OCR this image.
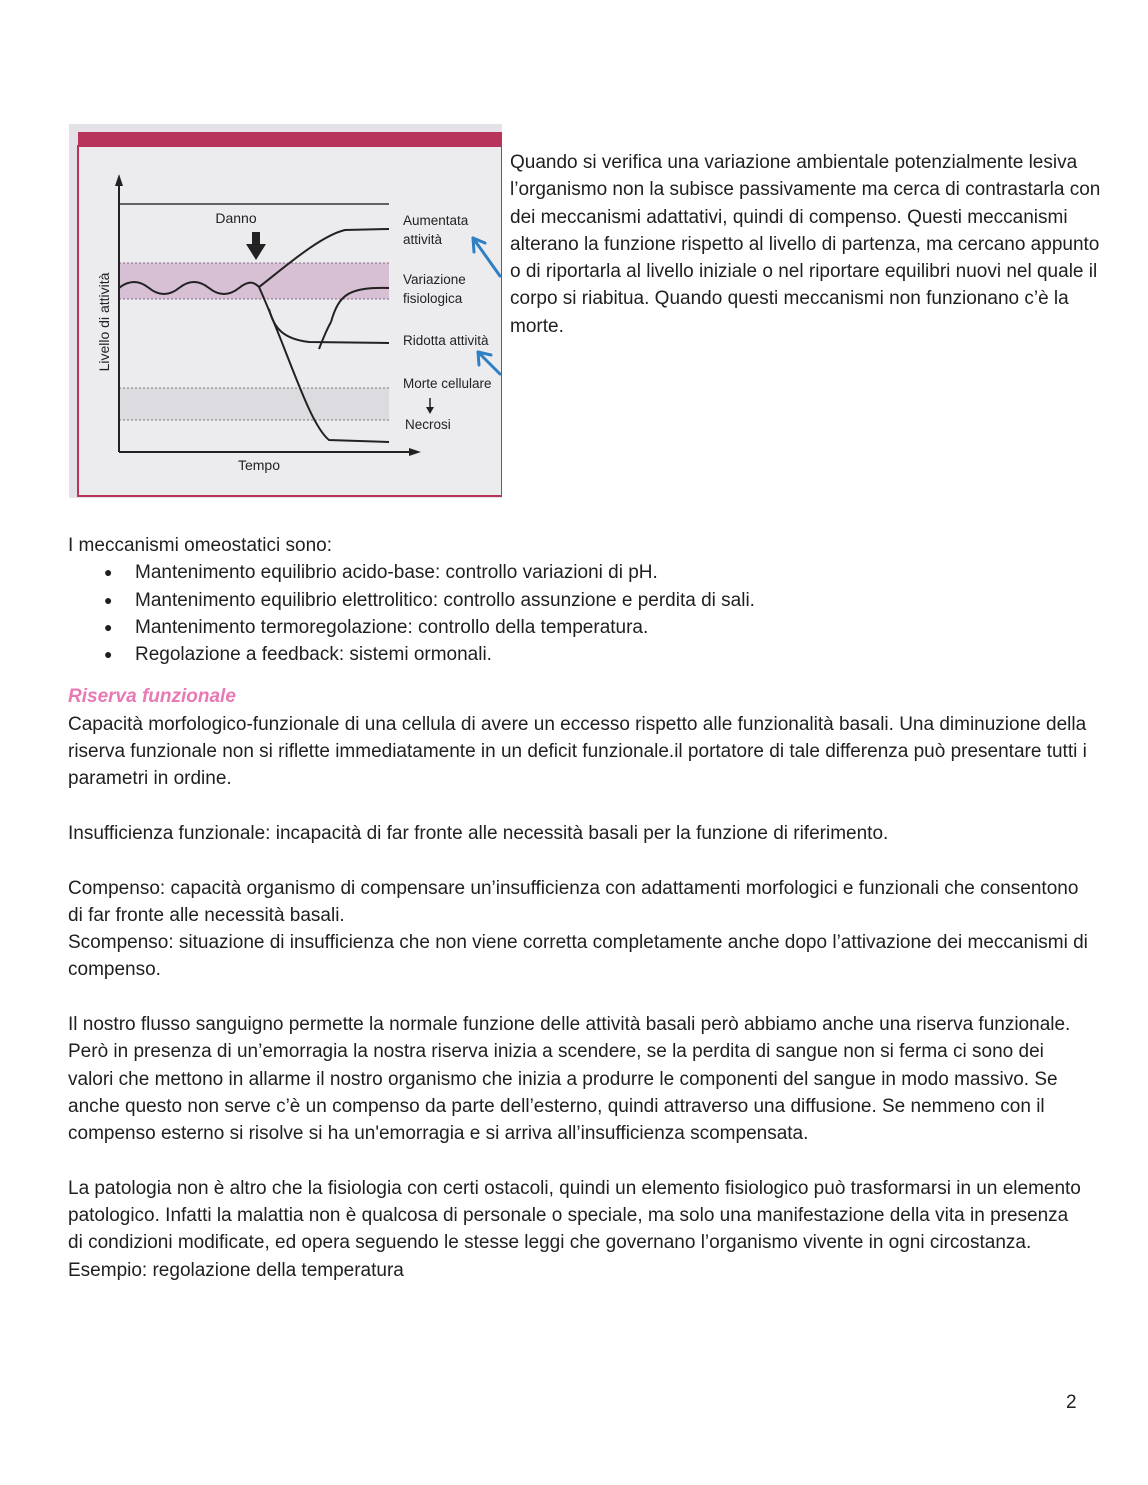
Danno
Livello di attività
Tempo
Aumentata
attività
Variazione
fisiologica
Ridotta attività
Morte cellulare
Necrosi

Quando si verifica una variazione ambientale potenzialmente lesiva l’organismo non la subisce passivamente ma cerca di contrastarla con dei meccanismi adattativi, quindi di compenso. Questi meccanismi alterano la funzione rispetto al livello di partenza, ma cercano appunto o di riportarla al livello iniziale o nel riportare equilibri nuovi nel quale il corpo si riabitua. Quando questi meccanismi non funzionano c’è la morte.

I meccanismi omeostatici sono:

● Mantenimento equilibrio acido-base: controllo variazioni di pH.
● Mantenimento equilibrio elettrolitico: controllo assunzione e perdita di sali.
● Mantenimento termoregolazione: controllo della temperatura.
● Regolazione a feedback: sistemi ormonali.

Riserva funzionale

Capacità morfologico-funzionale di una cellula di avere un eccesso rispetto alle funzionalità basali. Una diminuzione della riserva funzionale non si riflette immediatamente in un deficit funzionale.il portatore di tale differenza può presentare tutti i parametri in ordine.

Insufficienza funzionale: incapacità di far fronte alle necessità basali per la funzione di riferimento.

Compenso: capacità organismo di compensare un’insufficienza con adattamenti morfologici e funzionali che consentono di far fronte alle necessità basali.

Scompenso: situazione di insufficienza che non viene corretta completamente anche dopo l’attivazione dei meccanismi di compenso.

Il nostro flusso sanguigno permette la normale funzione delle attività basali però abbiamo anche una riserva funzionale. Però in presenza di un’emorragia la nostra riserva inizia a scendere, se la perdita di sangue non si ferma ci sono dei valori che mettono in allarme il nostro organismo che inizia a produrre le componenti del sangue in modo massivo. Se anche questo non serve c’è un compenso da parte dell’esterno, quindi attraverso una diffusione. Se nemmeno con il compenso esterno si risolve si ha un'emorragia e si arriva all’insufficienza scompensata.

La patologia non è altro che la fisiologia con certi ostacoli, quindi un elemento fisiologico può trasformarsi in un elemento patologico. Infatti la malattia non è qualcosa di personale o speciale, ma solo una manifestazione della vita in presenza di condizioni modificate, ed opera seguendo le stesse leggi che governano l’organismo vivente in ogni circostanza.

Esempio: regolazione della temperatura

2
